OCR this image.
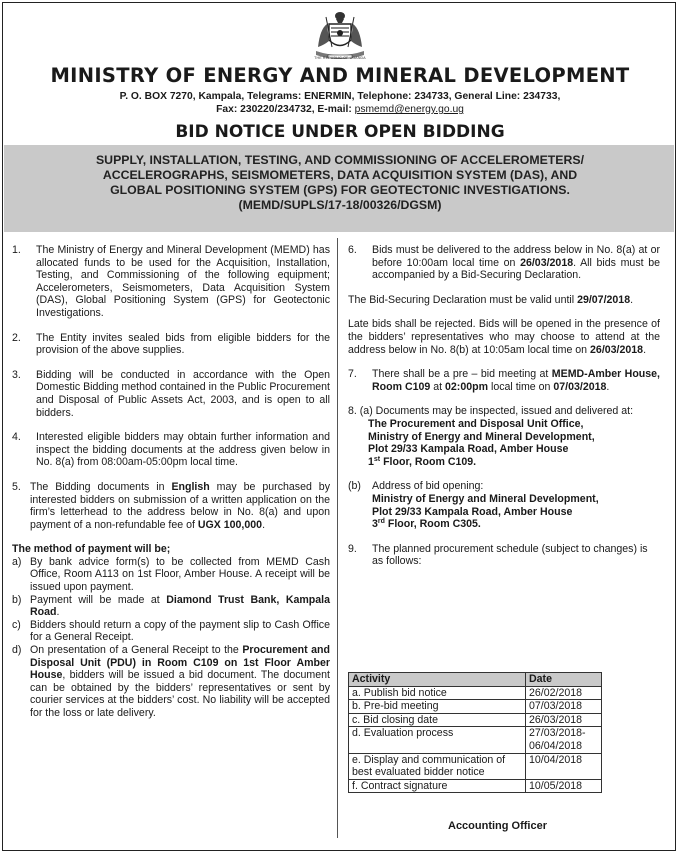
THE REPUBLIC OF UGANDA
MINISTRY OF ENERGY AND MINERAL DEVELOPMENT
P. O. BOX 7270, Kampala, Telegrams: ENERMIN, Telephone: 234733, General Line: 234733,
Fax: 230220/234732, E-mail: psmemd@energy.go.ug
BID NOTICE UNDER OPEN BIDDING
SUPPLY, INSTALLATION, TESTING, AND COMMISSIONING OF ACCELEROMETERS/
ACCELEROGRAPHS, SEISMOMETERS, DATA ACQUISITION SYSTEM (DAS), AND
GLOBAL POSITIONING SYSTEM (GPS) FOR GEOTECTONIC INVESTIGATIONS.
(MEMD/SUPLS/17-18/00326/DGSM)
1.	The Ministry of Energy and Mineral Development (MEMD) has allocated funds to be used for the Acquisition, Installation, Testing, and Commissioning of the following equipment; Accelerometers, Seismometers, Data Acquisition System (DAS), Global Positioning System (GPS) for Geotectonic Investigations.
2.	The Entity invites sealed bids from eligible bidders for the provision of the above supplies.
3.	Bidding will be conducted in accordance with the Open Domestic Bidding method contained in the Public Procurement and Disposal of Public Assets Act, 2003, and is open to all bidders.
4.	Interested eligible bidders may obtain further information and inspect the bidding documents at the address given below in No. 8(a) from 08:00am-05:00pm local time.
5. The Bidding documents in English may be purchased by interested bidders on submission of a written application on the firm’s letterhead to the address below in No. 8(a) and upon payment of a non-refundable fee of UGX 100,000.
The method of payment will be;
a) By bank advice form(s) to be collected from MEMD Cash Office, Room A113 on 1st Floor, Amber House. A receipt will be issued upon payment.
b) Payment will be made at Diamond Trust Bank, Kampala Road.
c) Bidders should return a copy of the payment slip to Cash Office for a General Receipt.
d) On presentation of a General Receipt to the Procurement and Disposal Unit (PDU) in Room C109 on 1st Floor Amber House, bidders will be issued a bid document. The document can be obtained by the bidders’ representatives or sent by courier services at the bidders’ cost. No liability will be accepted for the loss or late delivery.
6.	Bids must be delivered to the address below in No. 8(a) at or before 10:00am local time on 26/03/2018. All bids must be accompanied by a Bid-Securing Declaration.

The Bid-Securing Declaration must be valid until 29/07/2018.

Late bids shall be rejected. Bids will be opened in the presence of the bidders’ representatives who may choose to attend at the address below in No. 8(b) at 10:05am local time on 26/03/2018.

7.	There shall be a pre – bid meeting at MEMD-Amber House, Room C109 at 02:00pm local time on 07/03/2018.
8. (a) Documents may be inspected, issued and delivered at:
The Procurement and Disposal Unit Office,
Ministry of Energy and Mineral Development,
Plot 29/33 Kampala Road, Amber House
1st Floor, Room C109.
(b)	Address of bid opening:
Ministry of Energy and Mineral Development,
Plot 29/33 Kampala Road, Amber House
3rd Floor, Room C305.
9.	The planned procurement schedule (subject to changes) is as follows:
Activity	Date
a. Publish bid notice	26/02/2018
b. Pre-bid meeting	07/03/2018
c. Bid closing date	26/03/2018
d. Evaluation process	27/03/2018-06/04/2018
e. Display and communication of best evaluated bidder notice	10/04/2018
f. Contract signature	10/05/2018
Accounting Officer
